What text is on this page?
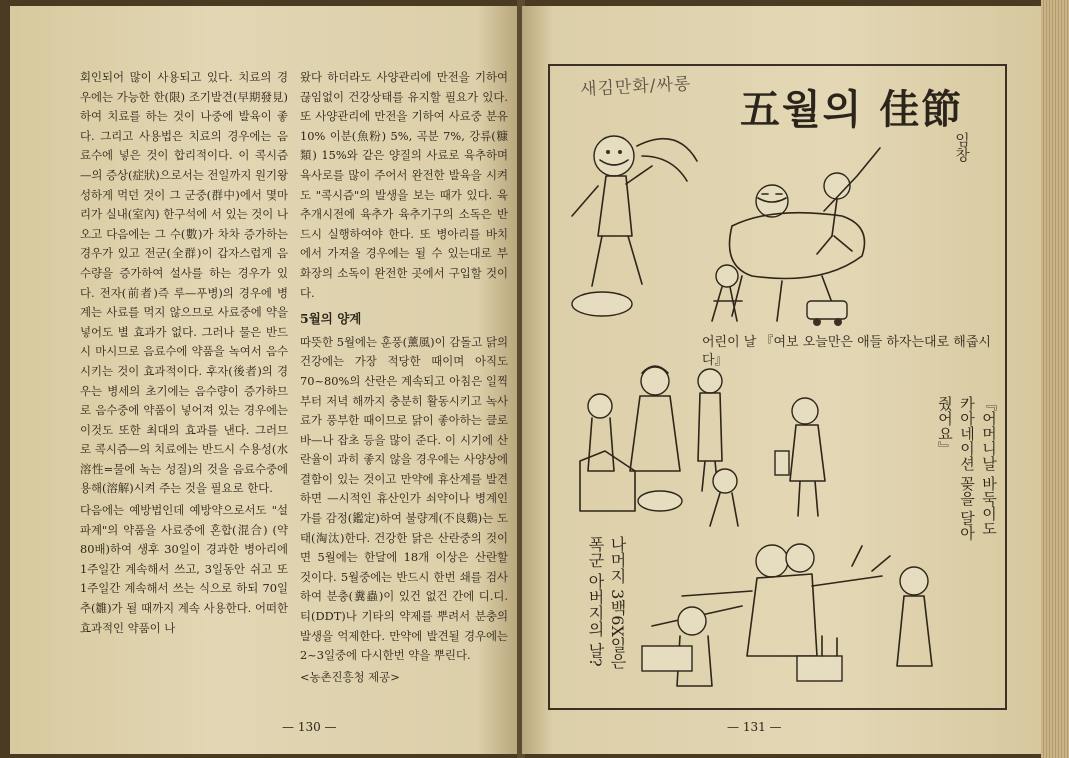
회인되어 많이 사용되고 있다. 치료의 경우에는 가능한 한(限) 조기발견(早期發見)하여 치료를 하는 것이 나중에 발육이 좋다. 그리고 사용법은 치료의 경우에는 음료수에 넣은 것이 합리적이다. 이 콕시즘—의 증상(症狀)으로서는 전일까지 원기왕성하게 먹던 것이 그 군중(群中)에서 몇마리가 실내(室內) 한구석에 서 있는 것이 나오고 다음에는 그 수(數)가 차차 증가하는 경우가 있고 전군(全群)이 갑자스럽게 음수량을 증가하여 설사를 하는 경우가 있다. 전자(前者)즉 루—푸병)의 경우에 병계는 사료를 먹지 않으므로 사료중에 약을 넣어도 별 효과가 없다. 그러나 물은 반드시 마시므로 음료수에 약품을 녹여서 음수시키는 것이 효과적이다. 후자(後者)의 경우는 병세의 초기에는 음수량이 증가하므로 음수중에 약품이 넣어져 있는 경우에는 이것도 또한 최대의 효과를 낸다. 그러므로 콕시즘—의 치료에는 반드시 수용성(水溶性=물에 녹는 성질)의 것을 음료수중에 용해(溶解)시켜 주는 것을 필요로 한다.

다음에는 예방법인데 예방약으로서도 "설파계"의 약품을 사료중에 혼합(混合) (약80배)하여 생후 30일이 경과한 병아리에 1주일간 계속해서 쓰고, 3일동안 쉬고 또 1주일간 계속해서 쓰는 식으로 하되 70일 추(雛)가 될 때까지 계속 사용한다. 어떠한 효과적인 약품이 나

왔다 하더라도 사양관리에 만전을 기하여 끊임없이 건강상태를 유지할 필요가 있다. 또 사양관리에 만전을 기하여 사료중 분유 10% 이분(魚粉) 5%, 곡분 7%, 강류(糠類) 15%와 같은 양질의 사료로 육추하며 육사로를 많이 주어서 완전한 발육을 시켜도 "콕시즘"의 발생을 보는 때가 있다. 육추개시전에 육추가 육추기구의 소독은 반드시 실행하여야 한다. 또 병아리를 바치에서 가져올 경우에는 될 수 있는대로 부화장의 소독이 완전한 곳에서 구입할 것이다.

5월의 양계

따뜻한 5월에는 훈풍(薰風)이 감돌고 닭의 건강에는 가장 적당한 때이며 아직도 70~80%의 산란은 계속되고 아침은 일찍부터 저녁 해까지 충분히 활동시키고 녹사료가 풍부한 때이므로 닭이 좋아하는 클로바—나 잡초 등을 많이 준다. 이 시기에 산란율이 과히 좋지 않을 경우에는 사양상에 결함이 있는 것이고 만약에 휴산계를 발견하면 —시적인 휴산인가 쇠약이나 병계인가를 감정(鑑定)하여 불량계(不良鷄)는 도태(淘汰)한다. 건강한 닭은 산란중의 것이면 5월에는 한달에 18개 이상은 산란할 것이다. 5월중에는 반드시 한번 쇄를 검사하여 분충(糞蟲)이 있건 없건 간에 디.디.티(DDT)나 기타의 약제를 뿌려서 분충의 발생을 억제한다. 만약에 발견될 경우에는 2~3일중에 다시한번 약을 뿌린다.

<농촌진흥청 제공>

— 130 —
새김만화/싸롱 五월의 佳節
임창
어린이 날 『여보 오늘만은 애들 하자는대로 해줍시다』
『어머니날 바둑이도 카아네이션 꽂을 달아줬어요』
나머지 3백6X일은 폭군 아버지의 날?
— 131 —
